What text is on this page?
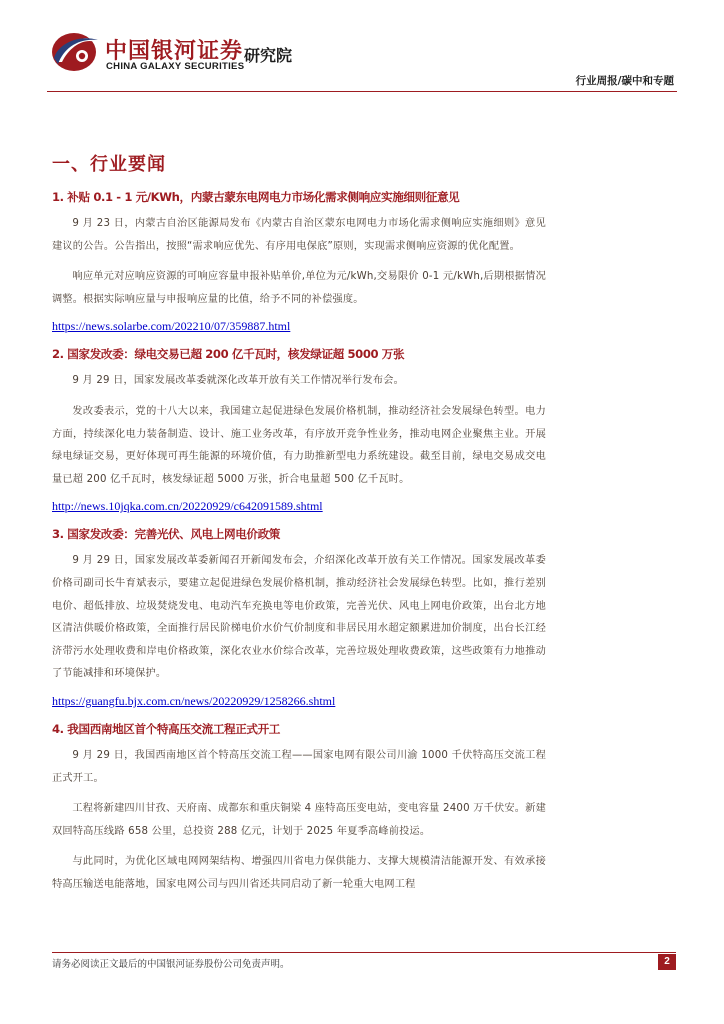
中国银河证券
CHINA GALAXY SECURITIES
研究院
行业周报/碳中和专题
一、行业要闻
1. 补贴 0.1 - 1 元/KWh，内蒙古蒙东电网电力市场化需求侧响应实施细则征意见

9 月 23 日，内蒙古自治区能源局发布《内蒙古自治区蒙东电网电力市场化需求侧响应实施细则》意见建议的公告。公告指出，按照“需求响应优先、有序用电保底”原则，实现需求侧响应资源的优化配置。

响应单元对应响应资源的可响应容量申报补贴单价,单位为元/kWh,交易限价 0-1 元/kWh,后期根据情况调整。根据实际响应量与申报响应量的比值，给予不同的补偿强度。

https://news.solarbe.com/202210/07/359887.html
2. 国家发改委：绿电交易已超 200 亿千瓦时，核发绿证超 5000 万张

9 月 29 日，国家发展改革委就深化改革开放有关工作情况举行发布会。

发改委表示，党的十八大以来，我国建立起促进绿色发展价格机制，推动经济社会发展绿色转型。电力方面，持续深化电力装备制造、设计、施工业务改革，有序放开竞争性业务，推动电网企业聚焦主业。开展绿电绿证交易，更好体现可再生能源的环境价值，有力助推新型电力系统建设。截至目前，绿电交易成交电量已超 200 亿千瓦时，核发绿证超 5000 万张，折合电量超 500 亿千瓦时。

http://news.10jqka.com.cn/20220929/c642091589.shtml
3. 国家发改委：完善光伏、风电上网电价政策

9 月 29 日，国家发展改革委新闻召开新闻发布会，介绍深化改革开放有关工作情况。国家发展改革委价格司副司长牛育斌表示，要建立起促进绿色发展价格机制，推动经济社会发展绿色转型。比如，推行差别电价、超低排放、垃圾焚烧发电、电动汽车充换电等电价政策，完善光伏、风电上网电价政策，出台北方地区清洁供暖价格政策，全面推行居民阶梯电价水价气价制度和非居民用水超定额累进加价制度，出台长江经济带污水处理收费和岸电价格政策，深化农业水价综合改革，完善垃圾处理收费政策，这些政策有力地推动了节能减排和环境保护。

https://guangfu.bjx.com.cn/news/20220929/1258266.shtml
4. 我国西南地区首个特高压交流工程正式开工

9 月 29 日，我国西南地区首个特高压交流工程——国家电网有限公司川渝 1000 千伏特高压交流工程正式开工。

工程将新建四川甘孜、天府南、成都东和重庆铜梁 4 座特高压变电站，变电容量 2400 万千伏安。新建双回特高压线路 658 公里，总投资 288 亿元，计划于 2025 年夏季高峰前投运。

与此同时，为优化区域电网网架结构、增强四川省电力保供能力、支撑大规模清洁能源开发、有效承接特高压输送电能落地，国家电网公司与四川省还共同启动了新一轮重大电网工程

请务必阅读正文最后的中国银河证券股份公司免责声明。	2
